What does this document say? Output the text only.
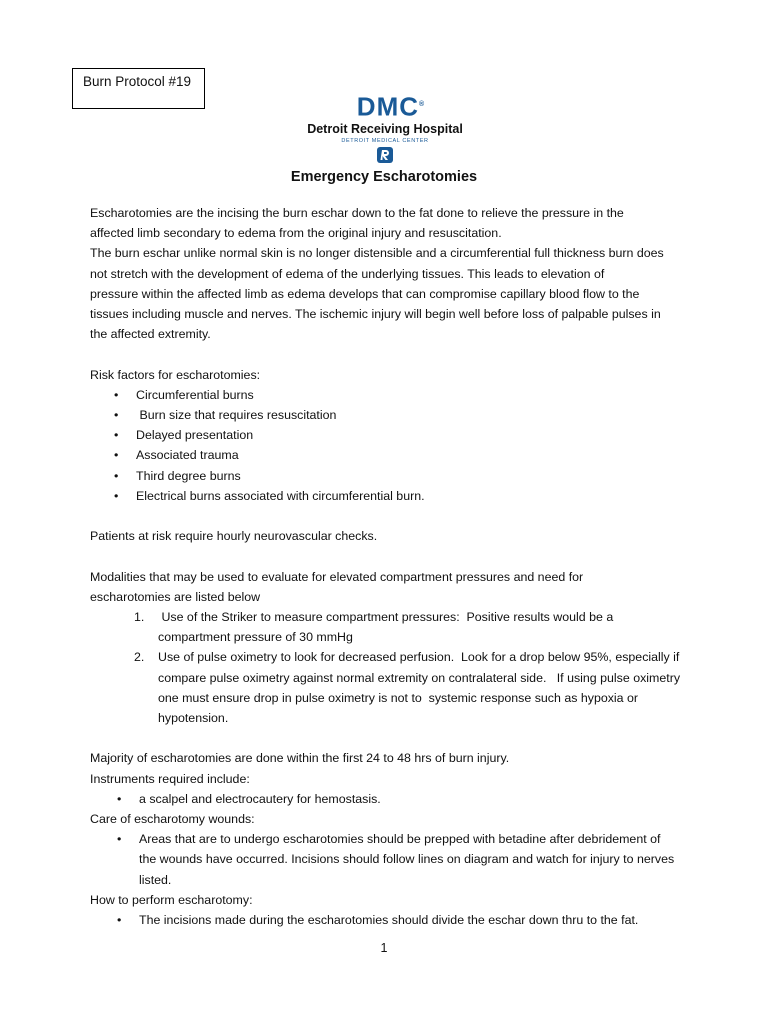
Burn Protocol #19
DMC®
Detroit Receiving Hospital
DETROIT MEDICAL CENTER
Emergency Escharotomies

Escharotomies are the incising the burn eschar down to the fat done to relieve the pressure in the

affected limb secondary to edema from the original injury and resuscitation.

The burn eschar unlike normal skin is no longer distensible and a circumferential full thickness burn does

not stretch with the development of edema of the underlying tissues. This leads to elevation of

pressure within the affected limb as edema develops that can compromise capillary blood flow to the

tissues including muscle and nerves. The ischemic injury will begin well before loss of palpable pulses in

the affected extremity.

Risk factors for escharotomies:

• Circumferential burns
•  Burn size that requires resuscitation
• Delayed presentation
• Associated trauma
• Third degree burns
• Electrical burns associated with circumferential burn.

Patients at risk require hourly neurovascular checks.

Modalities that may be used to evaluate for elevated compartment pressures and need for

escharotomies are listed below

1. Use of the Striker to measure compartment pressures:  Positive results would be a compartment pressure of 30 mmHg
2. Use of pulse oximetry to look for decreased perfusion.  Look for a drop below 95%, especially if compare pulse oximetry against normal extremity on contralateral side.   If using pulse oximetry one must ensure drop in pulse oximetry is not to  systemic response such as hypoxia or hypotension.

Majority of escharotomies are done within the first 24 to 48 hrs of burn injury.

Instruments required include:

• a scalpel and electrocautery for hemostasis.

Care of escharotomy wounds:

• Areas that are to undergo escharotomies should be prepped with betadine after debridement of the wounds have occurred. Incisions should follow lines on diagram and watch for injury to nerves listed.

How to perform escharotomy:

• The incisions made during the escharotomies should divide the eschar down thru to the fat.
1
